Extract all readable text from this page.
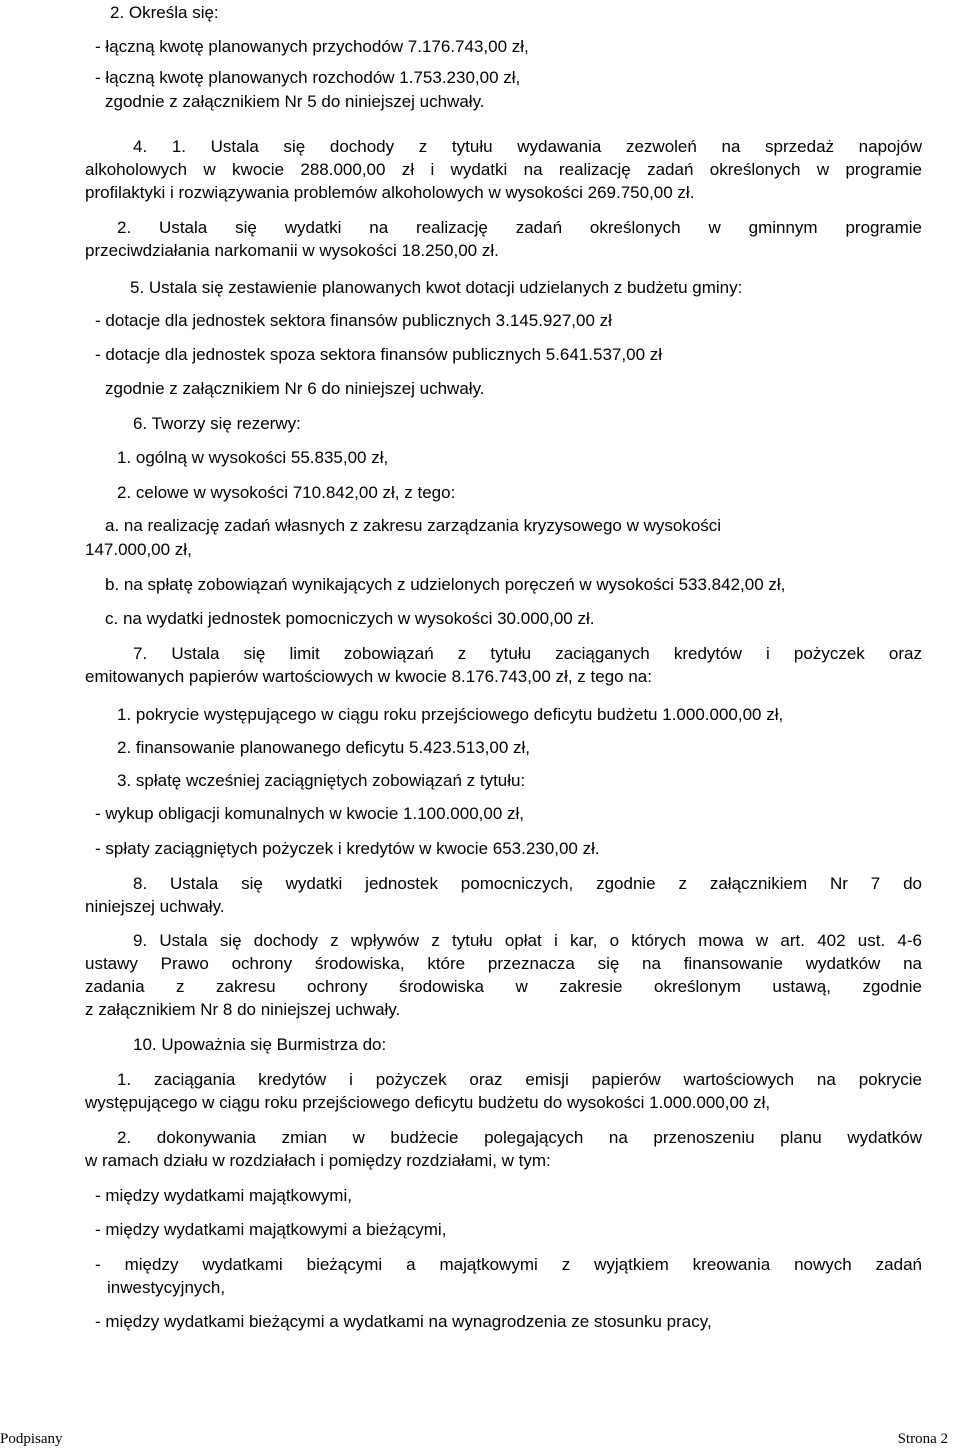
2. Określa się:
- łączną kwotę planowanych przychodów 7.176.743,00 zł,
- łączną kwotę planowanych rozchodów 1.753.230,00 zł,
zgodnie z załącznikiem Nr 5 do niniejszej uchwały.
4. 1. Ustala się dochody z tytułu wydawania zezwoleń na sprzedaż napojów
alkoholowych w kwocie 288.000,00 zł i wydatki na realizację zadań określonych w programie
profilaktyki i rozwiązywania problemów alkoholowych w wysokości 269.750,00 zł.
2. Ustala się wydatki na realizację zadań określonych w gminnym programie
przeciwdziałania narkomanii w wysokości 18.250,00 zł.
5. Ustala się zestawienie planowanych kwot dotacji udzielanych z budżetu gminy:
- dotacje dla jednostek sektora finansów publicznych 3.145.927,00 zł
- dotacje dla jednostek spoza sektora finansów publicznych 5.641.537,00 zł
zgodnie z załącznikiem Nr 6 do niniejszej uchwały.
6. Tworzy się rezerwy:
1. ogólną w wysokości 55.835,00 zł,
2. celowe w wysokości 710.842,00 zł, z tego:
a. na realizację zadań własnych z zakresu zarządzania kryzysowego w wysokości
147.000,00 zł,
b. na spłatę zobowiązań wynikających z udzielonych poręczeń w wysokości 533.842,00 zł,
c. na wydatki jednostek pomocniczych w wysokości 30.000,00 zł.
7. Ustala się limit zobowiązań z tytułu zaciąganych kredytów i pożyczek oraz
emitowanych papierów wartościowych w kwocie 8.176.743,00 zł, z tego na:
1. pokrycie występującego w ciągu roku przejściowego deficytu budżetu 1.000.000,00 zł,
2. finansowanie planowanego deficytu 5.423.513,00 zł,
3. spłatę wcześniej zaciągniętych zobowiązań z tytułu:
- wykup obligacji komunalnych w kwocie 1.100.000,00 zł,
- spłaty zaciągniętych pożyczek i kredytów w kwocie 653.230,00 zł.
8. Ustala się wydatki jednostek pomocniczych, zgodnie z załącznikiem Nr 7 do
niniejszej uchwały.
9. Ustala się dochody z wpływów z tytułu opłat i kar, o których mowa w art. 402 ust. 4-6
ustawy Prawo ochrony środowiska, które przeznacza się na finansowanie wydatków na
zadania z zakresu ochrony środowiska w zakresie określonym ustawą, zgodnie
z załącznikiem Nr 8 do niniejszej uchwały.
10. Upoważnia się Burmistrza do:
1. zaciągania kredytów i pożyczek oraz emisji papierów wartościowych na pokrycie
występującego w ciągu roku przejściowego deficytu budżetu do wysokości 1.000.000,00 zł,
2. dokonywania zmian w budżecie polegających na przenoszeniu planu wydatków
w ramach działu w rozdziałach i pomiędzy rozdziałami, w tym:
- między wydatkami majątkowymi,
- między wydatkami majątkowymi a bieżącymi,
- między wydatkami bieżącymi a majątkowymi z wyjątkiem kreowania nowych zadań
inwestycyjnych,
- między wydatkami bieżącymi a wydatkami na wynagrodzenia ze stosunku pracy,
Podpisany	Strona 2
